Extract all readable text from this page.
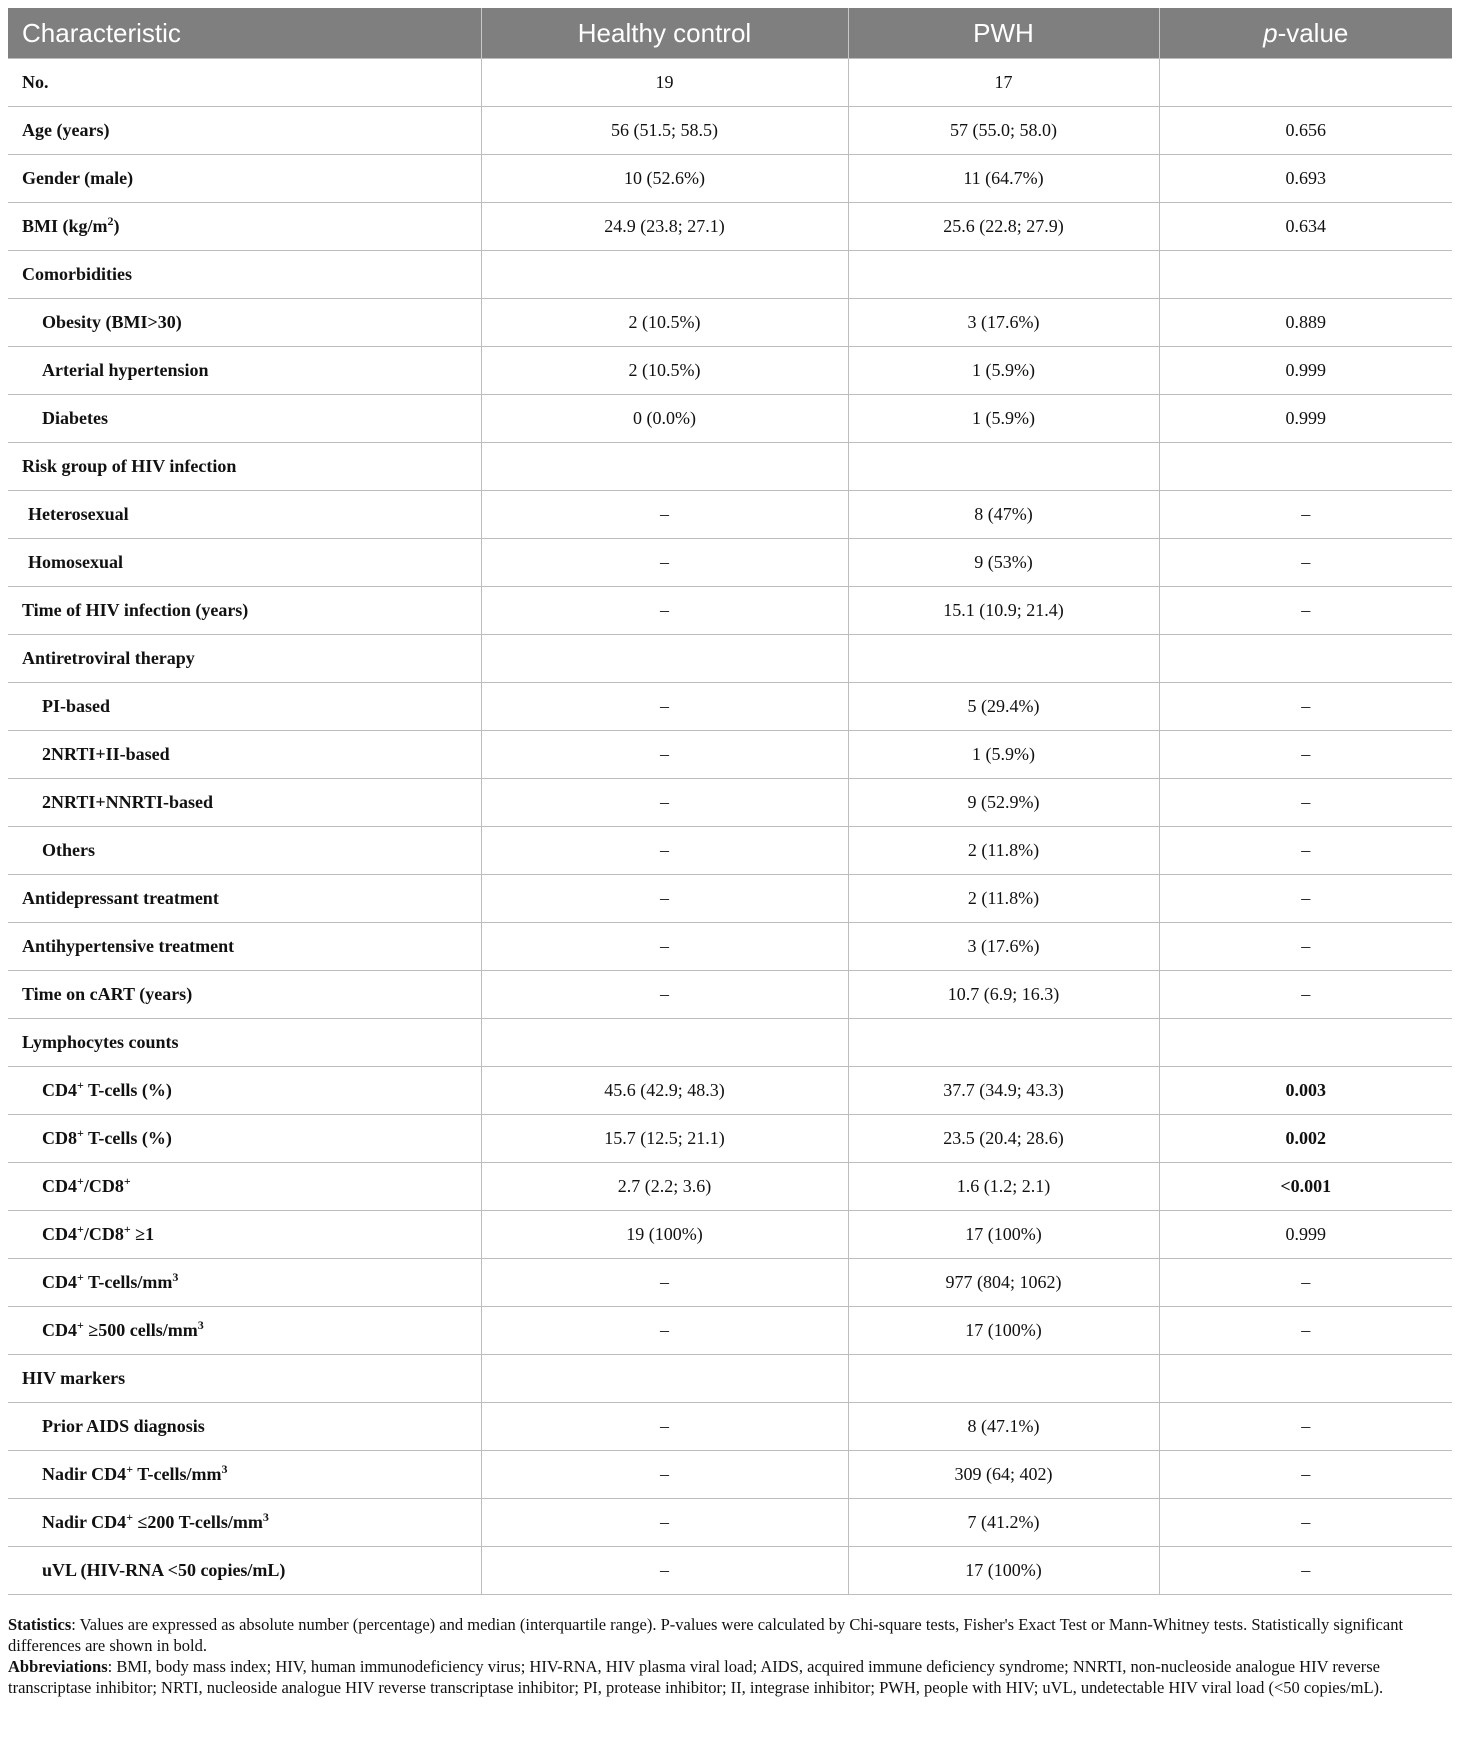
Characteristic	Healthy control	PWH	p-value
No.	19	17	
Age (years)	56 (51.5; 58.5)	57 (55.0; 58.0)	0.656
Gender (male)	10 (52.6%)	11 (64.7%)	0.693
BMI $(kg/m^2)$	24.9 (23.8; 27.1)	25.6 (22.8; 27.9)	0.634
Comorbidities			
Obesity (BMI>30)	2 (10.5%)	3 (17.6%)	0.889
Arterial hypertension	2 (10.5%)	1 (5.9%)	0.999
Diabetes	0 (0.0%)	1 (5.9%)	0.999
Risk group of HIV infection			
Heterosexual	–	8 (47%)	–
Homosexual	–	9 (53%)	–
Time of HIV infection (years)	–	15.1 (10.9; 21.4)	–
Antiretroviral therapy			
PI-based	–	5 (29.4%)	–
2NRTI+II-based	–	1 (5.9%)	–
2NRTI+NNRTI-based	–	9 (52.9%)	–
Others	–	2 (11.8%)	–
Antidepressant treatment	–	2 (11.8%)	–
Antihypertensive treatment	–	3 (17.6%)	–
Time on cART (years)	–	10.7 (6.9; 16.3)	–
Lymphocytes counts			
CD4+ T-cells (%)	45.6 (42.9; 48.3)	37.7 (34.9; 43.3)	0.003
CD8+ T-cells (%)	15.7 (12.5; 21.1)	23.5 (20.4; 28.6)	0.002
CD4+/CD8+	2.7 (2.2; 3.6)	1.6 (1.2; 2.1)	<0.001
CD4+/CD8+ ≥1	19 (100%)	17 (100%)	0.999
CD4+ $T-cells/mm^3$	–	977 (804; 1062)	–
CD4+ ≥500 cells/$mm^3$	–	17 (100%)	–
HIV markers			
Prior AIDS diagnosis	–	8 (47.1%)	–
Nadir CD4+ $T-cells/mm^3$	–	309 (64; 402)	–
Nadir CD4+ ≤200 $T-cells/mm^3$	–	7 (41.2%)	–
uVL (HIV-RNA <50 copies/mL)	–	17 (100%)	–

Statistics: Values are expressed as absolute number (percentage) and median (interquartile range). P-values were calculated by Chi-square tests, Fisher's Exact Test or Mann-Whitney tests. Statistically significant differences are shown in bold.

Abbreviations: BMI, body mass index; HIV, human immunodeficiency virus; HIV-RNA, HIV plasma viral load; AIDS, acquired immune deficiency syndrome; NNRTI, non-nucleoside analogue HIV reverse transcriptase inhibitor; NRTI, nucleoside analogue HIV reverse transcriptase inhibitor; PI, protease inhibitor; II, integrase inhibitor; PWH, people with HIV; uVL, undetectable HIV viral load (<50 copies/mL).
